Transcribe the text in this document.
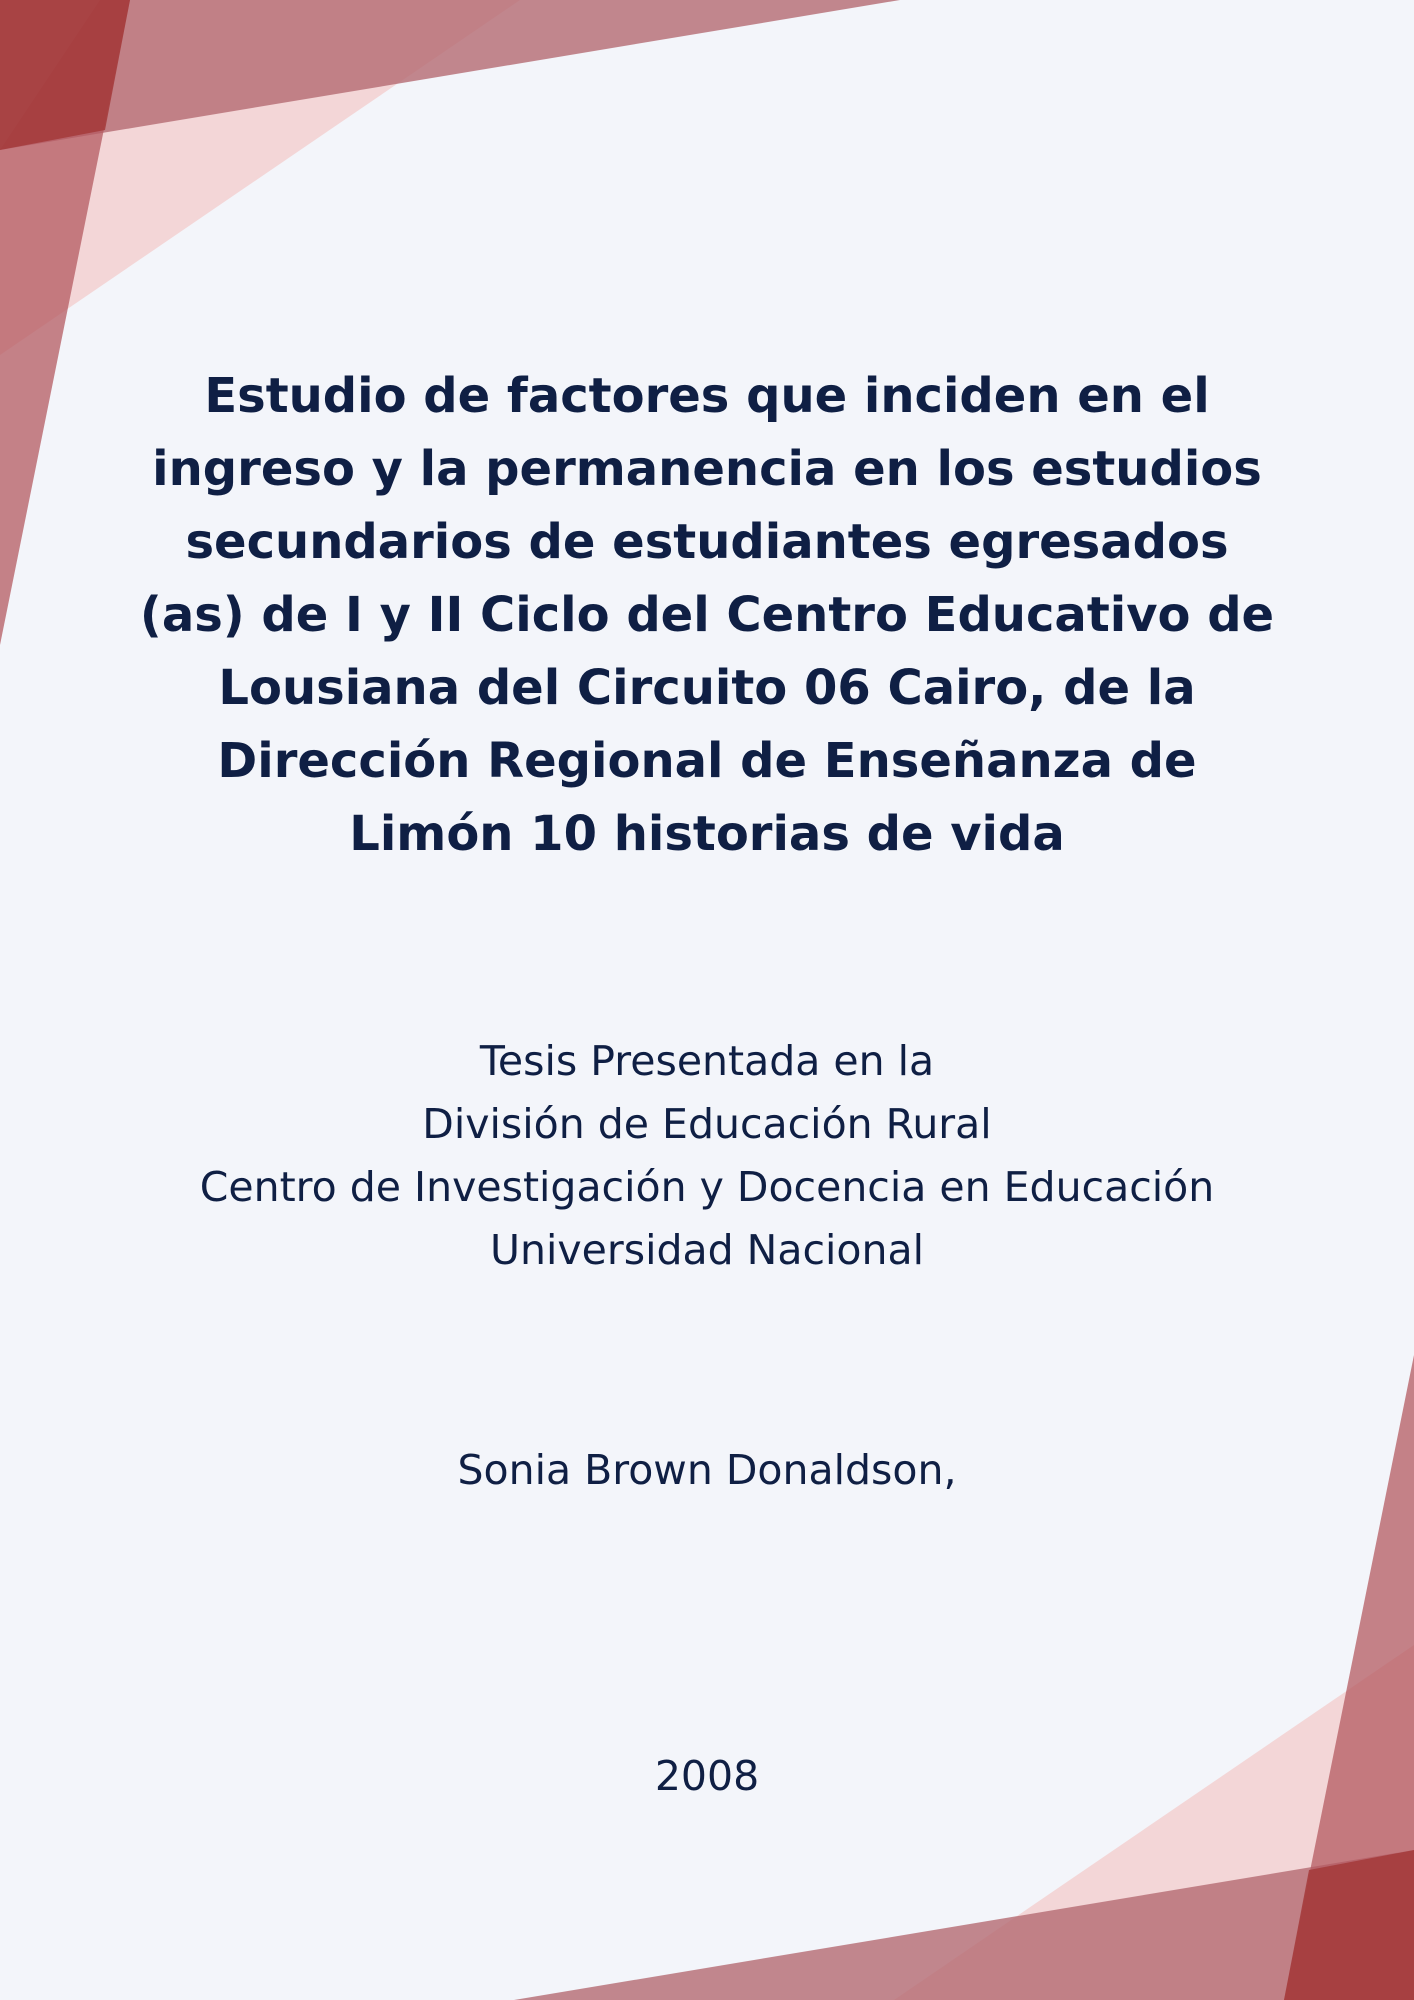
Estudio de factores que inciden en el
ingreso y la permanencia en los estudios
secundarios de estudiantes egresados
(as) de I y II Ciclo del Centro Educativo de
Lousiana del Circuito 06 Cairo, de la
Dirección Regional de Enseñanza de
Limón 10 historias de vida
Tesis Presentada en la
División de Educación Rural
Centro de Investigación y Docencia en Educación
Universidad Nacional
Sonia Brown Donaldson,
2008
